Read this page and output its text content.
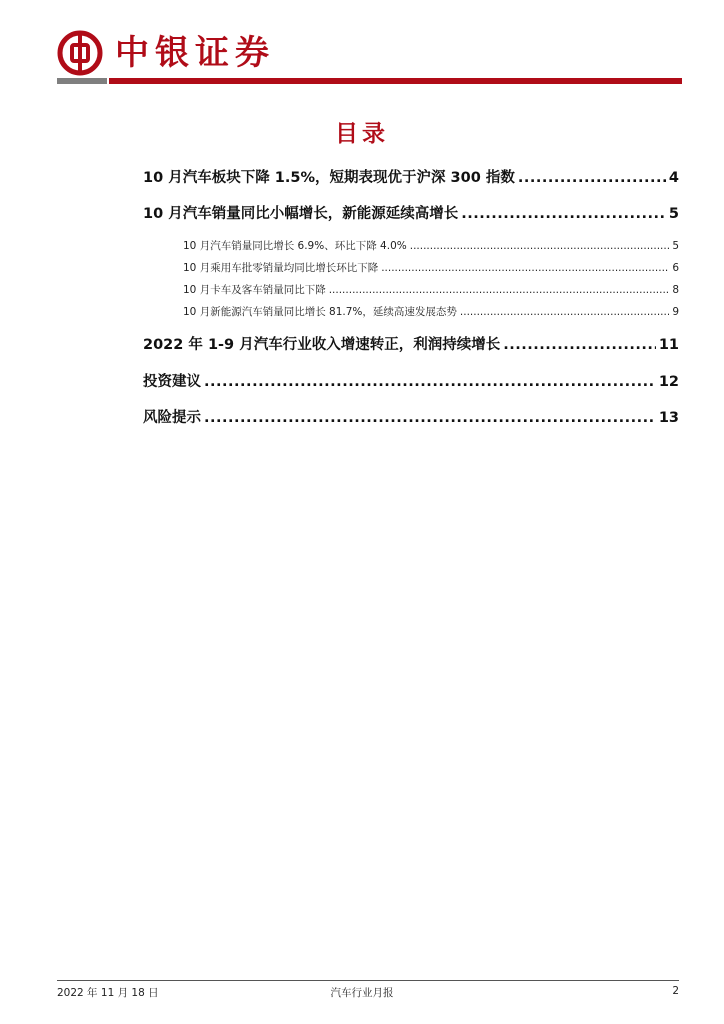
中银证券
目录
10 月汽车板块下降 1.5%，短期表现优于沪深 300 指数 .....	4
10 月汽车销量同比小幅增长，新能源延续高增长 .....	5
10 月汽车销量同比增长 6.9%、环比下降 4.0% .....	5
10 月乘用车批零销量均同比增长环比下降 .....	6
10 月卡车及客车销量同比下降 .....	8
10 月新能源汽车销量同比增长 81.7%，延续高速发展态势 .....	9
2022 年 1-9 月汽车行业收入增速转正，利润持续增长 .....	11
投资建议 .....	12
风险提示 .....	13
2022 年 11 月 18 日	汽车行业月报	2
